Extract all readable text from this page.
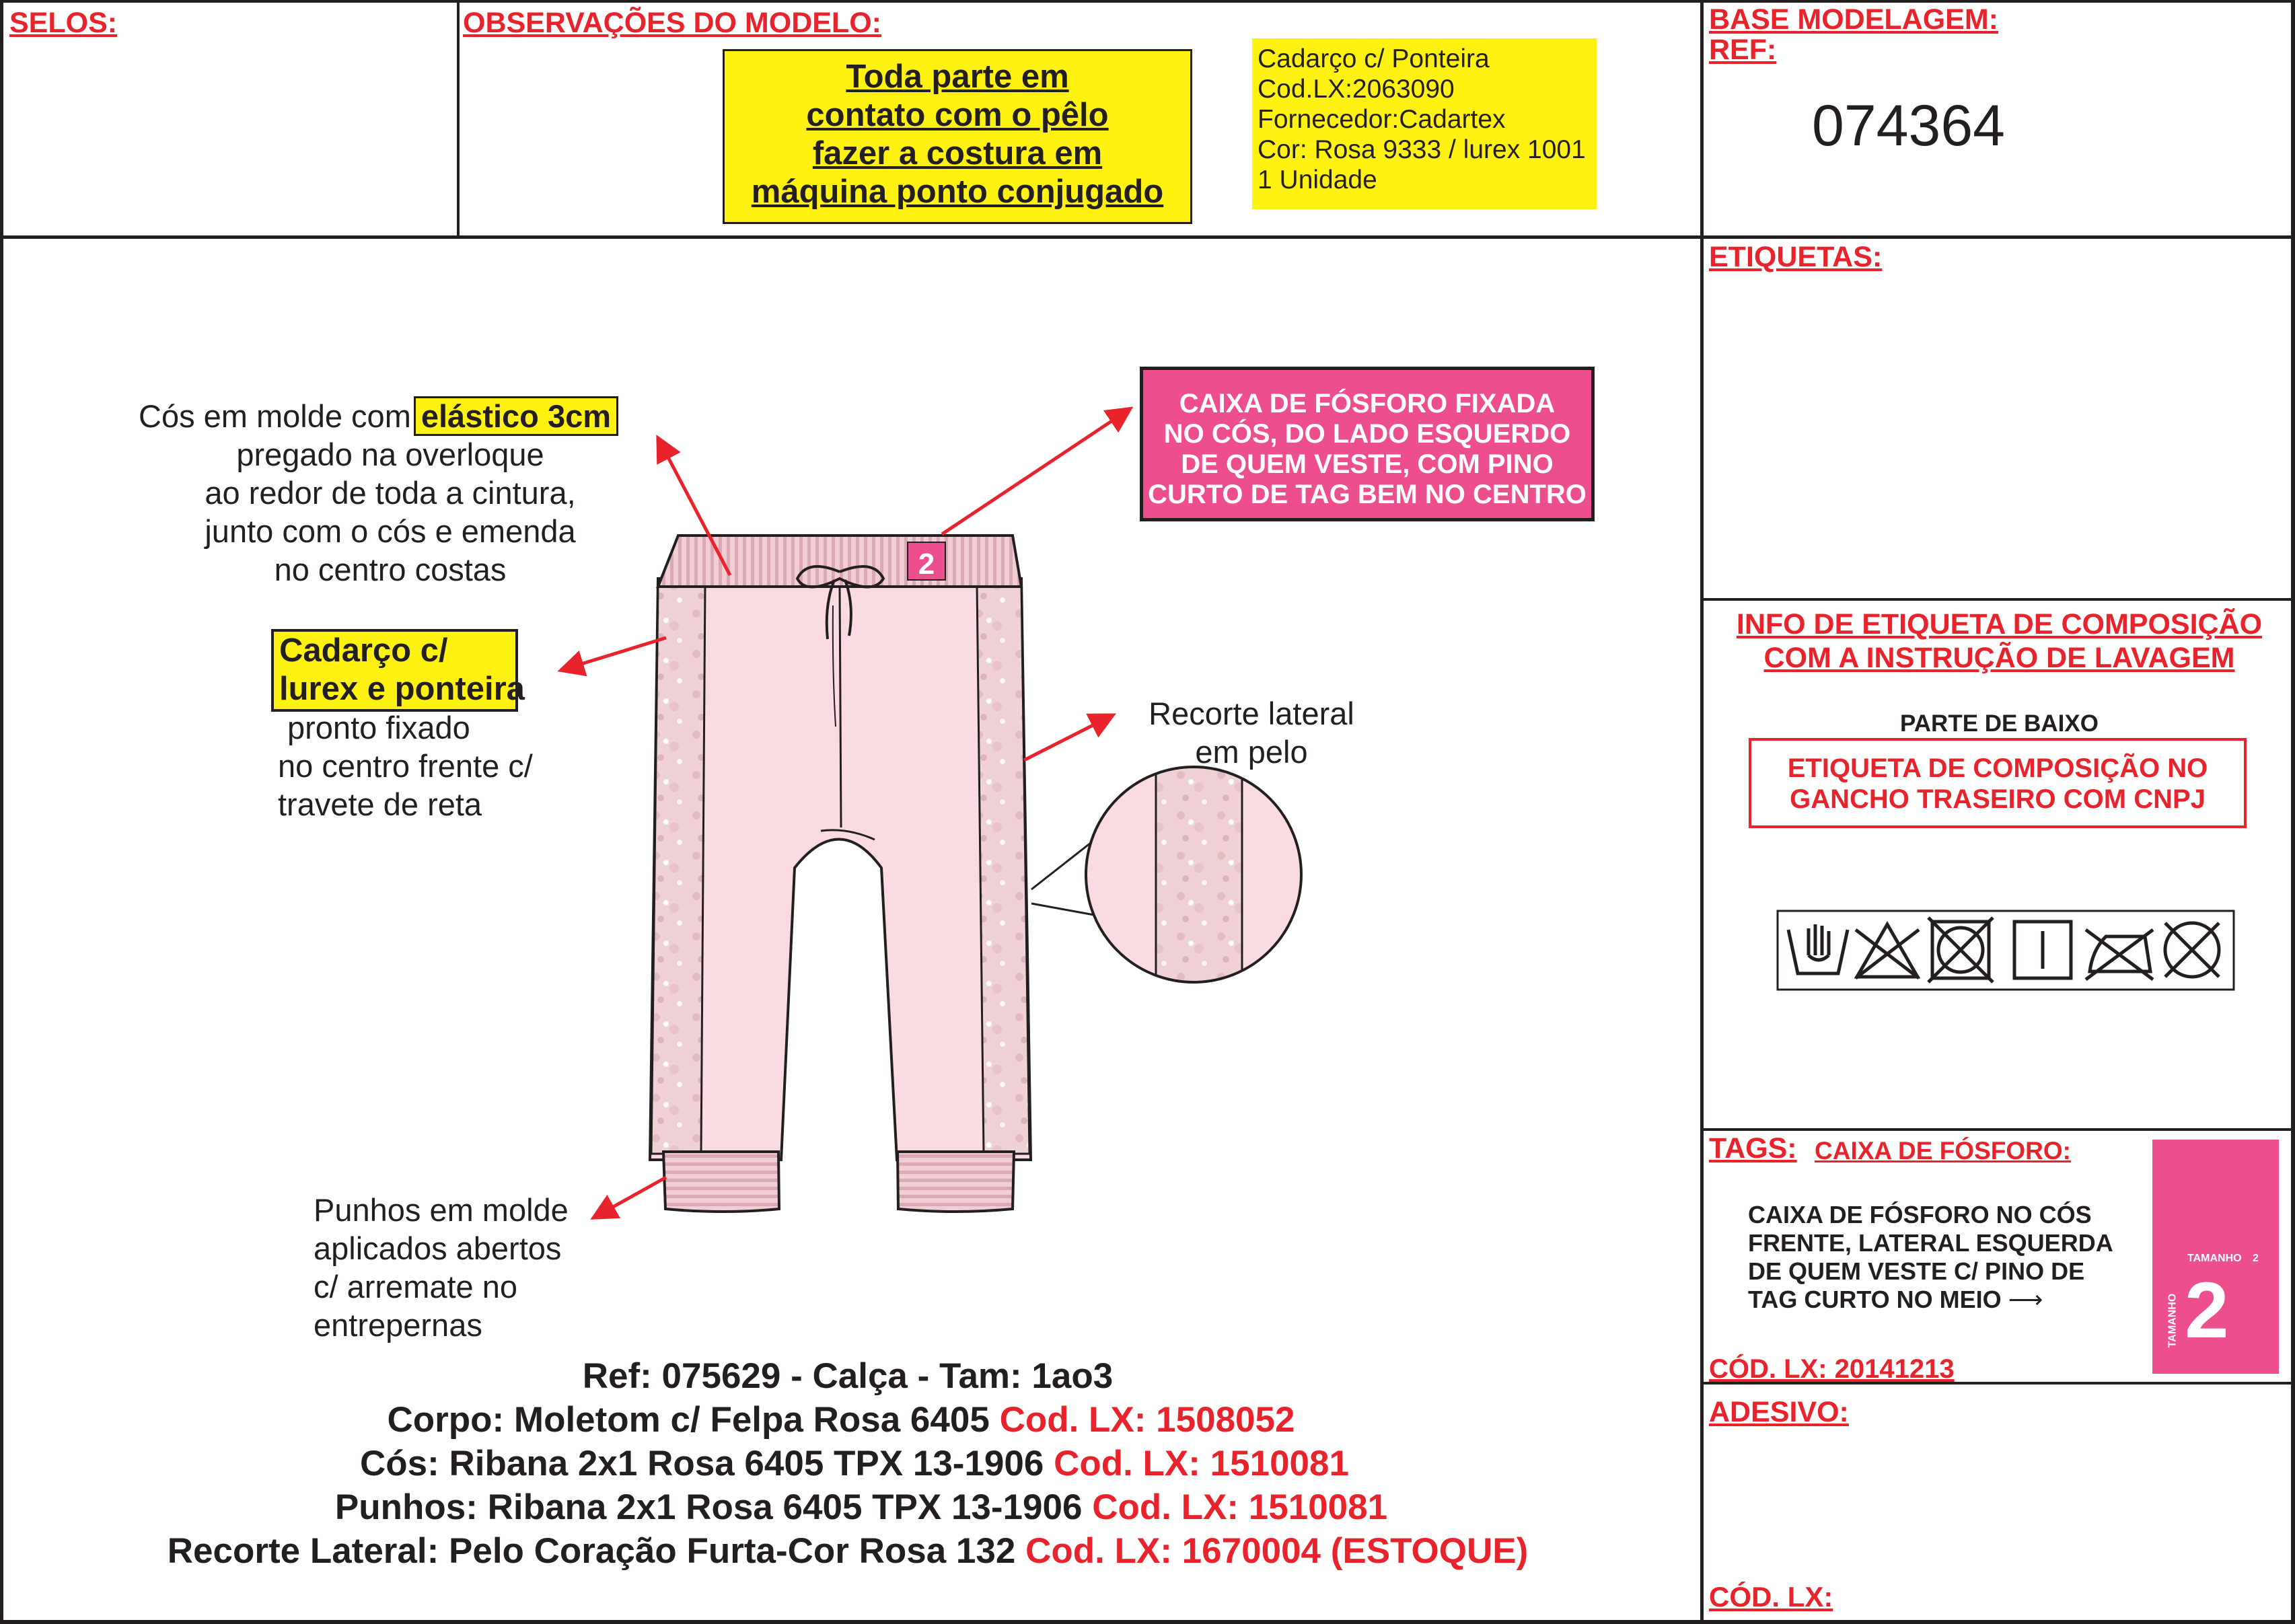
SELOS:	OBSERVAÇÕES DO MODELO:
Toda parte em
contato com o pêlo
fazer a costura em
máquina ponto conjugado
Cadarço c/ Ponteira
Cod.LX:2063090
Fornecedor:Cadartex
Cor: Rosa 9333 / lurex 1001
1 Unidade
BASE MODELAGEM:
REF:
074364
2
Cós em molde com elástico 3cm
pregado na overloque
ao redor de toda a cintura,
junto com o cós e emenda
no centro costas
Cadarço c/
lurex e ponteira
pronto fixado
no centro frente c/
travete de reta
CAIXA DE FÓSFORO FIXADA
NO CÓS, DO LADO ESQUERDO
DE QUEM VESTE, COM PINO
CURTO DE TAG BEM NO CENTRO
Recorte lateral
em pelo
Punhos em molde
aplicados abertos
c/ arremate no
entrepernas
Ref: 075629 - Calça - Tam: 1ao3
Corpo: Moletom c/ Felpa Rosa 6405 Cod. LX: 1508052
Cós: Ribana 2x1 Rosa 6405 TPX 13-1906 Cod. LX: 1510081
Punhos: Ribana 2x1 Rosa 6405 TPX 13-1906 Cod. LX: 1510081
Recorte Lateral: Pelo Coração Furta-Cor Rosa 132 Cod. LX: 1670004 (ESTOQUE)
ETIQUETAS:
INFO DE ETIQUETA DE COMPOSIÇÃO
COM A INSTRUÇÃO DE LAVAGEM
PARTE DE BAIXO
ETIQUETA DE COMPOSIÇÃO NO
GANCHO TRASEIRO COM CNPJ
TAGS: CAIXA DE FÓSFORO:
CAIXA DE FÓSFORO NO CÓS
FRENTE, LATERAL ESQUERDA
DE QUEM VESTE C/ PINO DE
TAG CURTO NO MEIO ⟶
CÓD. LX: 20141213
TAMANHO 2
TAMANHO 2
ADESIVO:
CÓD. LX:
